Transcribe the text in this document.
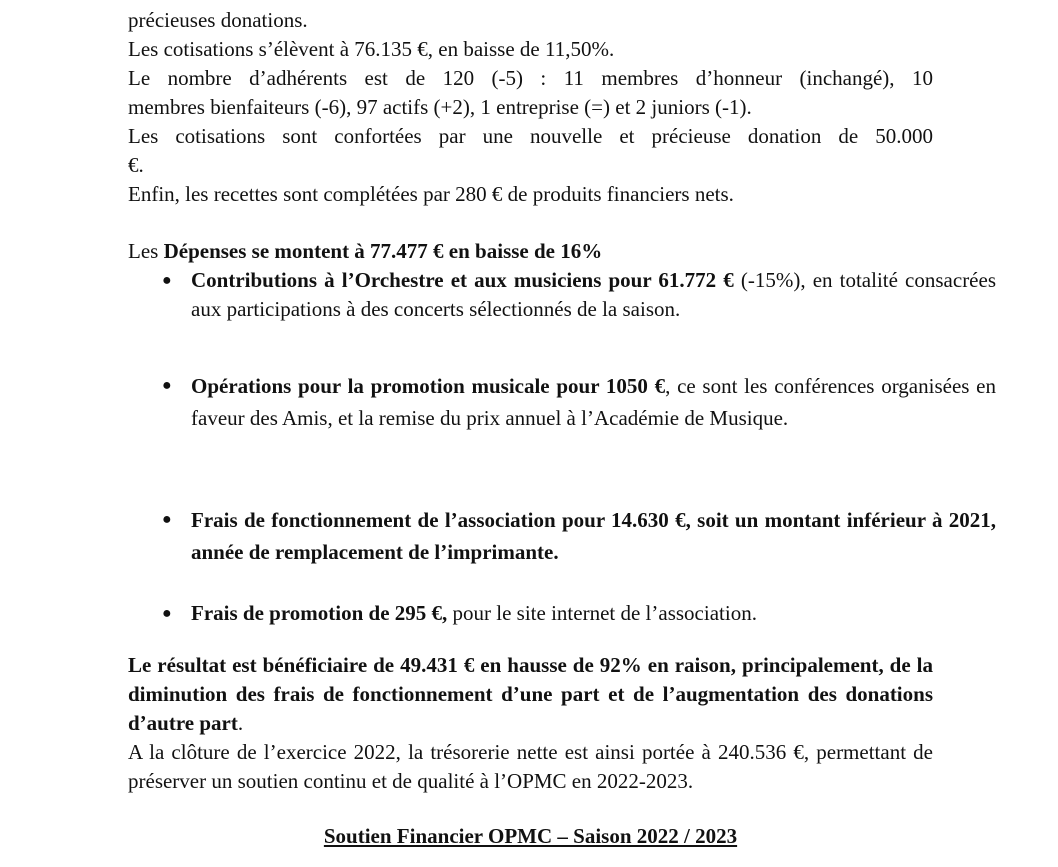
précieuses donations.
Les cotisations s’élèvent à 76.135 €, en baisse de 11,50%.
Le nombre d’adhérents est de 120 (-5) : 11 membres d’honneur (inchangé), 10
membres bienfaiteurs (-6), 97 actifs (+2), 1 entreprise (=) et 2 juniors (-1).
Les cotisations sont confortées par une nouvelle et précieuse donation de 50.000
€.
Enfin, les recettes sont complétées par 280 € de produits financiers nets.
Les Dépenses se montent à 77.477 € en baisse de 16%
● Contributions à l’Orchestre et aux musiciens pour 61.772 € (-15%), en totalité consacrées aux participations à des concerts sélectionnés de la saison.
● Opérations pour la promotion musicale pour 1050 €, ce sont les conférences organisées en faveur des Amis, et la remise du prix annuel à l’Académie de Musique.
● Frais de fonctionnement de l’association pour 14.630 €, soit un montant inférieur à 2021, année de remplacement de l’imprimante.
● Frais de promotion de 295 €, pour le site internet de l’association.
Le résultat est bénéficiaire de 49.431 € en hausse de 92% en raison, principalement, de la diminution des frais de fonctionnement d’une part et de l’augmentation des donations d’autre part.
A la clôture de l’exercice 2022, la trésorerie nette est ainsi portée à 240.536 €, permettant de préserver un soutien continu et de qualité à l’OPMC en 2022-2023.
Soutien Financier OPMC – Saison 2022 / 2023
